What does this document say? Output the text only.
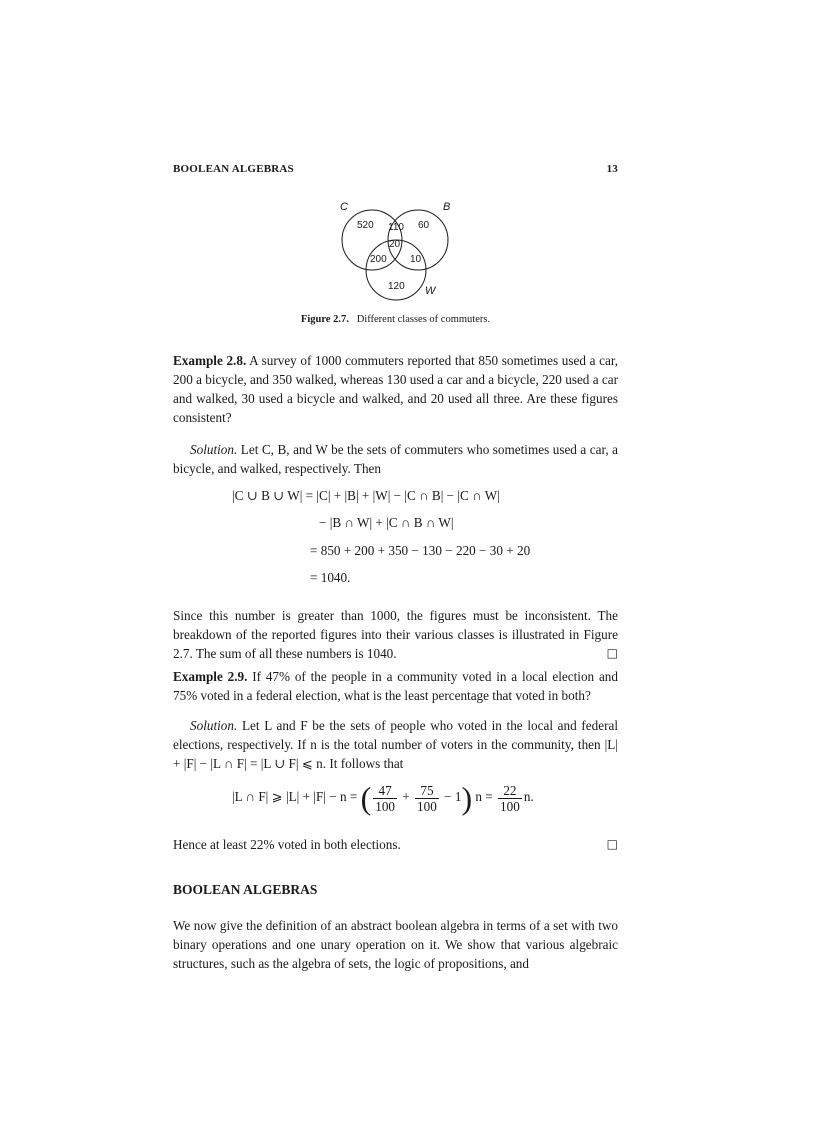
BOOLEAN ALGEBRAS	13
C	B
W
520 110 60
20
200 10
120
Figure 2.7. Different classes of commuters.
Example 2.8. A survey of 1000 commuters reported that 850 sometimes used a car, 200 a bicycle, and 350 walked, whereas 130 used a car and a bicycle, 220 used a car and walked, 30 used a bicycle and walked, and 20 used all three. Are these figures consistent?
Solution. Let C, B, and W be the sets of commuters who sometimes used a car, a bicycle, and walked, respectively. Then
|C ∪ B ∪ W| = |C| + |B| + |W| − |C ∩ B| − |C ∩ W|
− |B ∩ W| + |C ∩ B ∩ W|
= 850 + 200 + 350 − 130 − 220 − 30 + 20
= 1040.
Since this number is greater than 1000, the figures must be inconsistent. The breakdown of the reported figures into their various classes is illustrated in Figure 2.7. The sum of all these numbers is 1040.	□
Example 2.9. If 47% of the people in a community voted in a local election and 75% voted in a federal election, what is the least percentage that voted in both?
Solution. Let L and F be the sets of people who voted in the local and federal elections, respectively. If n is the total number of voters in the community, then |L| + |F| − |L ∩ F| = |L ∪ F| ⩽ n. It follows that
|L ∩ F| ⩾ |L| + |F| − n = ( $\frac{47}{100} + \frac{75}{100} - 1$) $n = \frac{22}{100} n$.
Hence at least 22% voted in both elections.	□
BOOLEAN ALGEBRAS
We now give the definition of an abstract boolean algebra in terms of a set with two binary operations and one unary operation on it. We show that various algebraic structures, such as the algebra of sets, the logic of propositions, and
